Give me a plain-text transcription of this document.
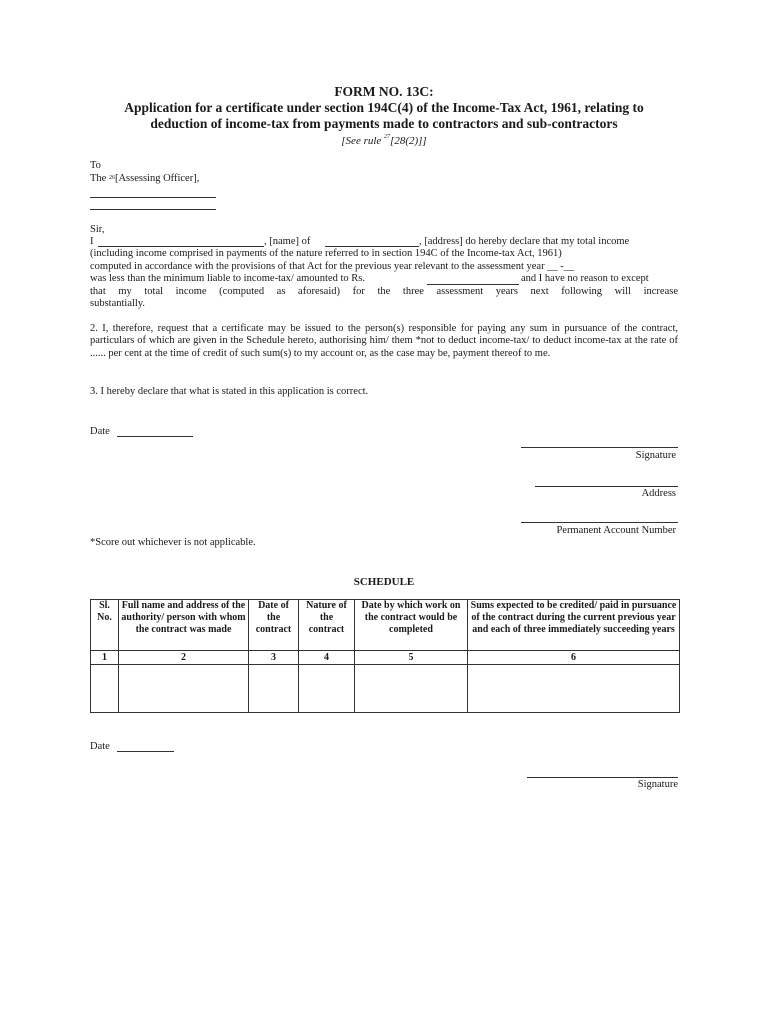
FORM NO. 13C:
Application for a certificate under section 194C(4) of the Income-Tax Act, 1961, relating to
deduction of income-tax from payments made to contractors and sub-contractors
[See rule $^{27}$[28(2)]]
To
The $^{26}$[Assessing Officer],
Sir,
I	, [name] of	, [address] do hereby declare that my total income
(including income comprised in payments of the nature referred to in section 194C of the Income-tax Act, 1961)
computed in accordance with the provisions of that Act for the previous year relevant to the assessment year __ -__
was less than the minimum liable to income-tax/ amounted to Rs.	and I have no reason to except
that my total income (computed as aforesaid) for the three assessment years next following will increase
substantially.
2. I, therefore, request that a certificate may be issued to the person(s) responsible for paying any sum in pursuance of the contract, particulars of which are given in the Schedule hereto, authorising him/ them *not to deduct income-tax/ to deduct income-tax at the rate of ...... per cent at the time of credit of such sum(s) to my account or, as the case may be, payment thereof to me.
3. I hereby declare that what is stated in this application is correct.
Date
Signature
Address
Permanent Account Number
*Score out whichever is not applicable.
SCHEDULE
Sl. No.	Full name and address of the authority/ person with whom the contract was made	Date of the contract	Nature of the contract	Date by which work on the contract would be completed	Sums expected to be credited/ paid in pursuance of the contract during the current previous year and each of three immediately succeeding years
1	2	3	4	5	6

Date
Signature
